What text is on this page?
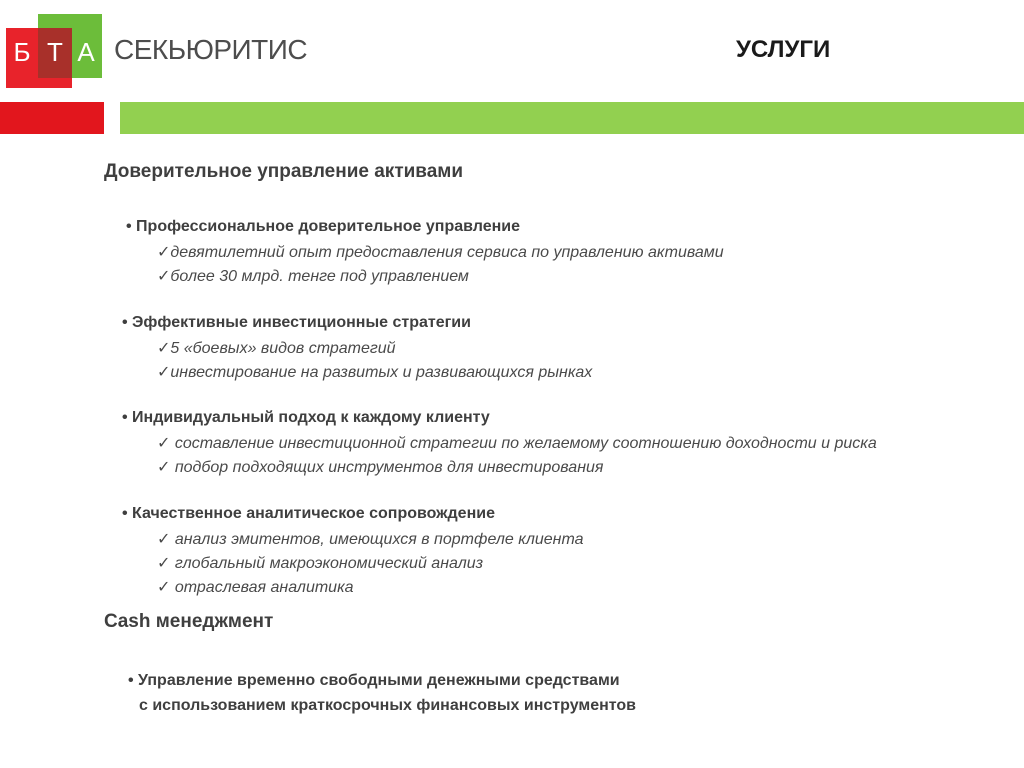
Б Т А СЕКЬЮРИТИС	УСЛУГИ
Доверительное управление активами
• Профессиональное доверительное управление
✓девятилетний опыт предоставления сервиса по управлению активами
✓более 30 млрд. тенге под управлением
• Эффективные инвестиционные стратегии
✓5 «боевых» видов стратегий
✓инвестирование на развитых и развивающихся рынках
• Индивидуальный подход к каждому клиенту
✓ составление инвестиционной стратегии по желаемому соотношению доходности и риска
✓ подбор подходящих инструментов для инвестирования
• Качественное аналитическое сопровождение
✓ анализ эмитентов, имеющихся в портфеле клиента
✓ глобальный макроэкономический анализ
✓ отраслевая аналитика
Cash менеджмент
• Управление временно свободными денежными средствами
с использованием краткосрочных финансовых инструментов
